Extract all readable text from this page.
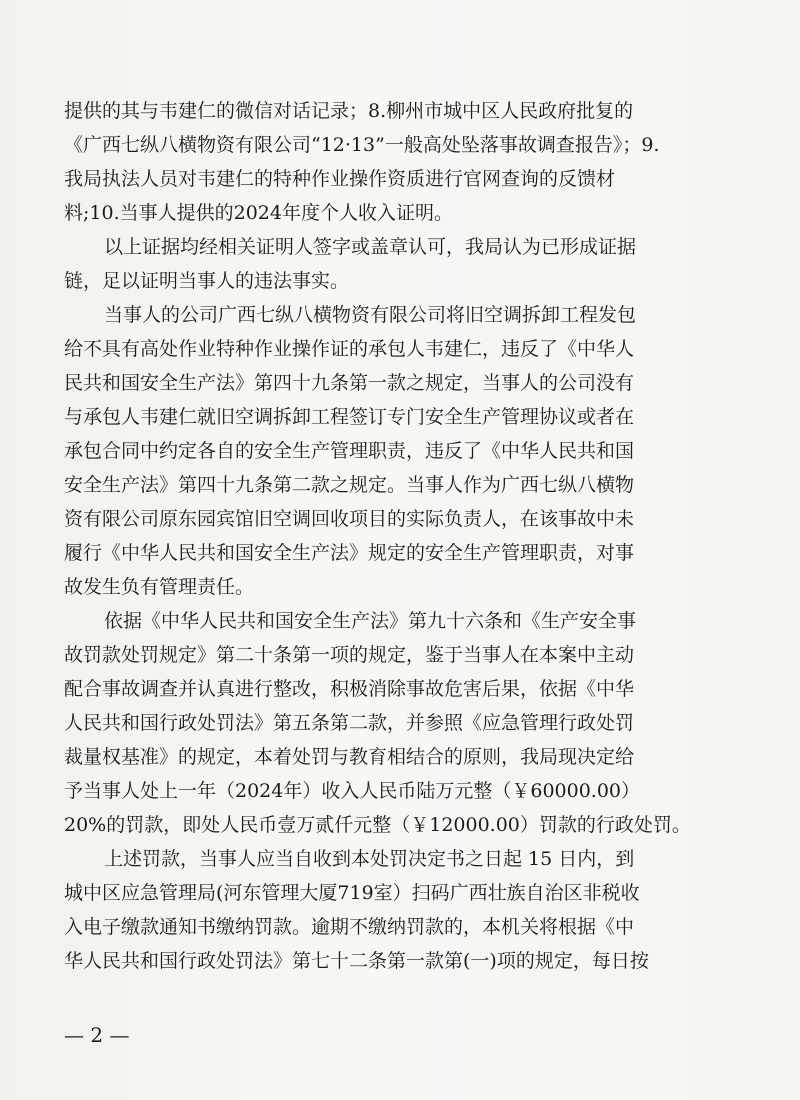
提供的其与韦建仁的微信对话记录；8.柳州市城中区人民政府批复的
《广西七纵八横物资有限公司“12·13”一般高处坠落事故调查报告》；9.
我局执法人员对韦建仁的特种作业操作资质进行官网查询的反馈材
料;10.当事人提供的2024年度个人收入证明。
以上证据均经相关证明人签字或盖章认可，我局认为已形成证据
链，足以证明当事人的违法事实。
当事人的公司广西七纵八横物资有限公司将旧空调拆卸工程发包
给不具有高处作业特种作业操作证的承包人韦建仁，违反了《中华人
民共和国安全生产法》第四十九条第一款之规定，当事人的公司没有
与承包人韦建仁就旧空调拆卸工程签订专门安全生产管理协议或者在
承包合同中约定各自的安全生产管理职责，违反了《中华人民共和国
安全生产法》第四十九条第二款之规定。当事人作为广西七纵八横物
资有限公司原东园宾馆旧空调回收项目的实际负责人，在该事故中未
履行《中华人民共和国安全生产法》规定的安全生产管理职责，对事
故发生负有管理责任。
依据《中华人民共和国安全生产法》第九十六条和《生产安全事
故罚款处罚规定》第二十条第一项的规定，鉴于当事人在本案中主动
配合事故调查并认真进行整改，积极消除事故危害后果，依据《中华
人民共和国行政处罚法》第五条第二款，并参照《应急管理行政处罚
裁量权基准》的规定，本着处罚与教育相结合的原则，我局现决定给
予当事人处上一年（2024年）收入人民币陆万元整（￥60000.00）
20%的罚款，即处人民币壹万贰仟元整（￥12000.00）罚款的行政处罚。
上述罚款，当事人应当自收到本处罚决定书之日起 15 日内，到
城中区应急管理局(河东管理大厦719室）扫码广西壮族自治区非税收
入电子缴款通知书缴纳罚款。逾期不缴纳罚款的，本机关将根据《中
华人民共和国行政处罚法》第七十二条第一款第(一)项的规定，每日按
— 2 —
